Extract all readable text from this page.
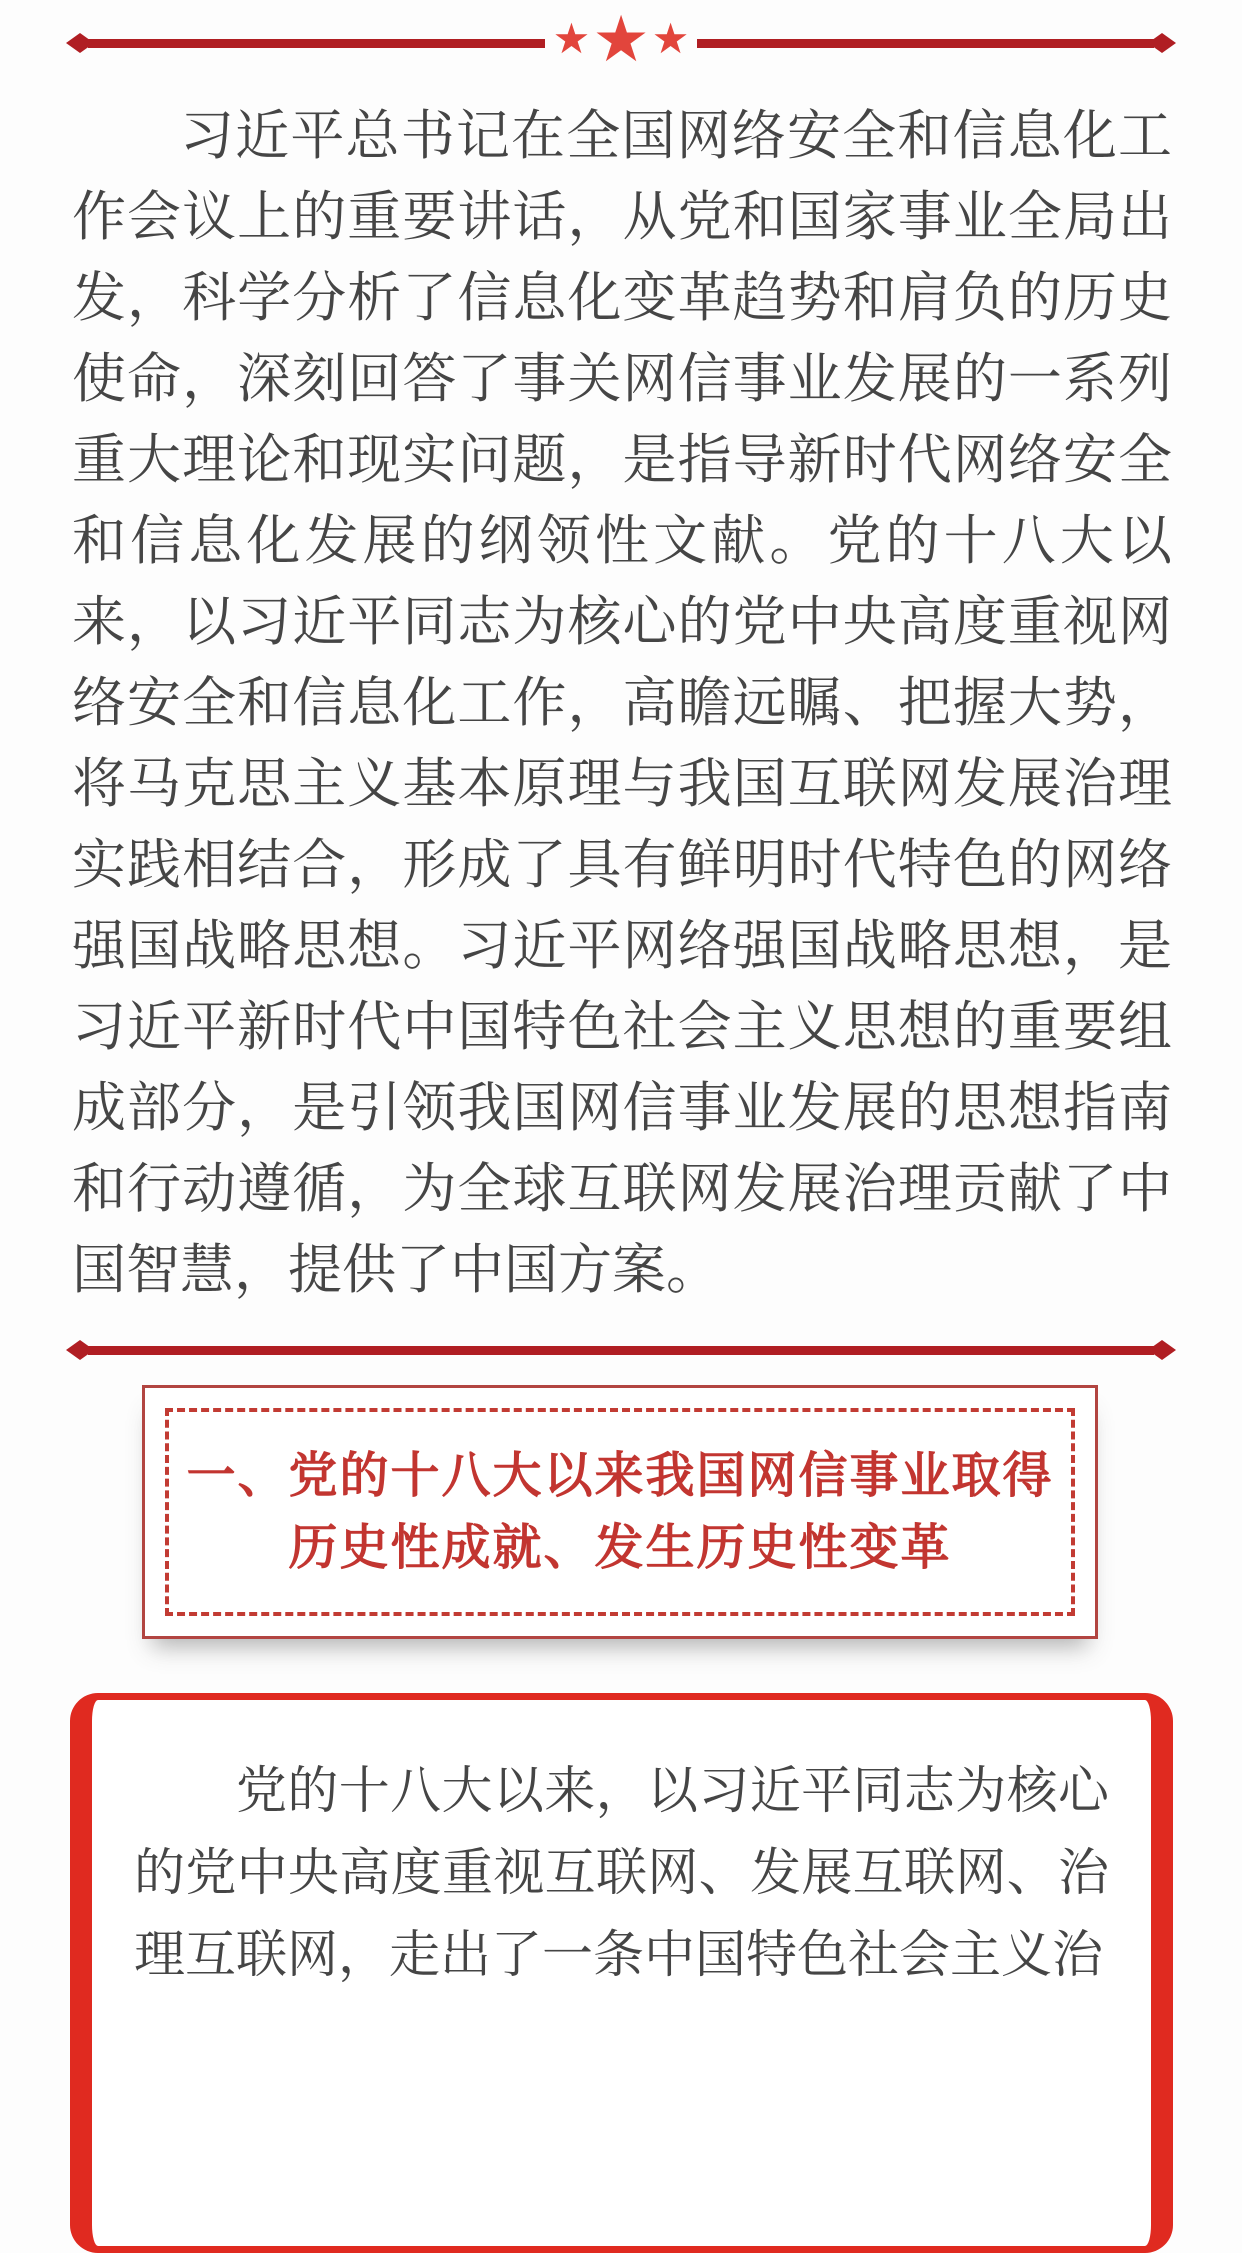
★ ★ ★

习近平总书记在全国网络安全和信息化工作会议上的重要讲话，从党和国家事业全局出发，科学分析了信息化变革趋势和肩负的历史使命，深刻回答了事关网信事业发展的一系列重大理论和现实问题，是指导新时代网络安全和信息化发展的纲领性文献。党的十八大以来，以习近平同志为核心的党中央高度重视网络安全和信息化工作，高瞻远瞩、把握大势，将马克思主义基本原理与我国互联网发展治理实践相结合，形成了具有鲜明时代特色的网络强国战略思想。习近平网络强国战略思想，是习近平新时代中国特色社会主义思想的重要组成部分，是引领我国网信事业发展的思想指南和行动遵循，为全球互联网发展治理贡献了中国智慧，提供了中国方案。

一、党的十八大以来我国网信事业取得
历史性成就、发生历史性变革

党的十八大以来，以习近平同志为核心的党中央高度重视互联网、发展互联网、治理互联网，走出了一条中国特色社会主义治
